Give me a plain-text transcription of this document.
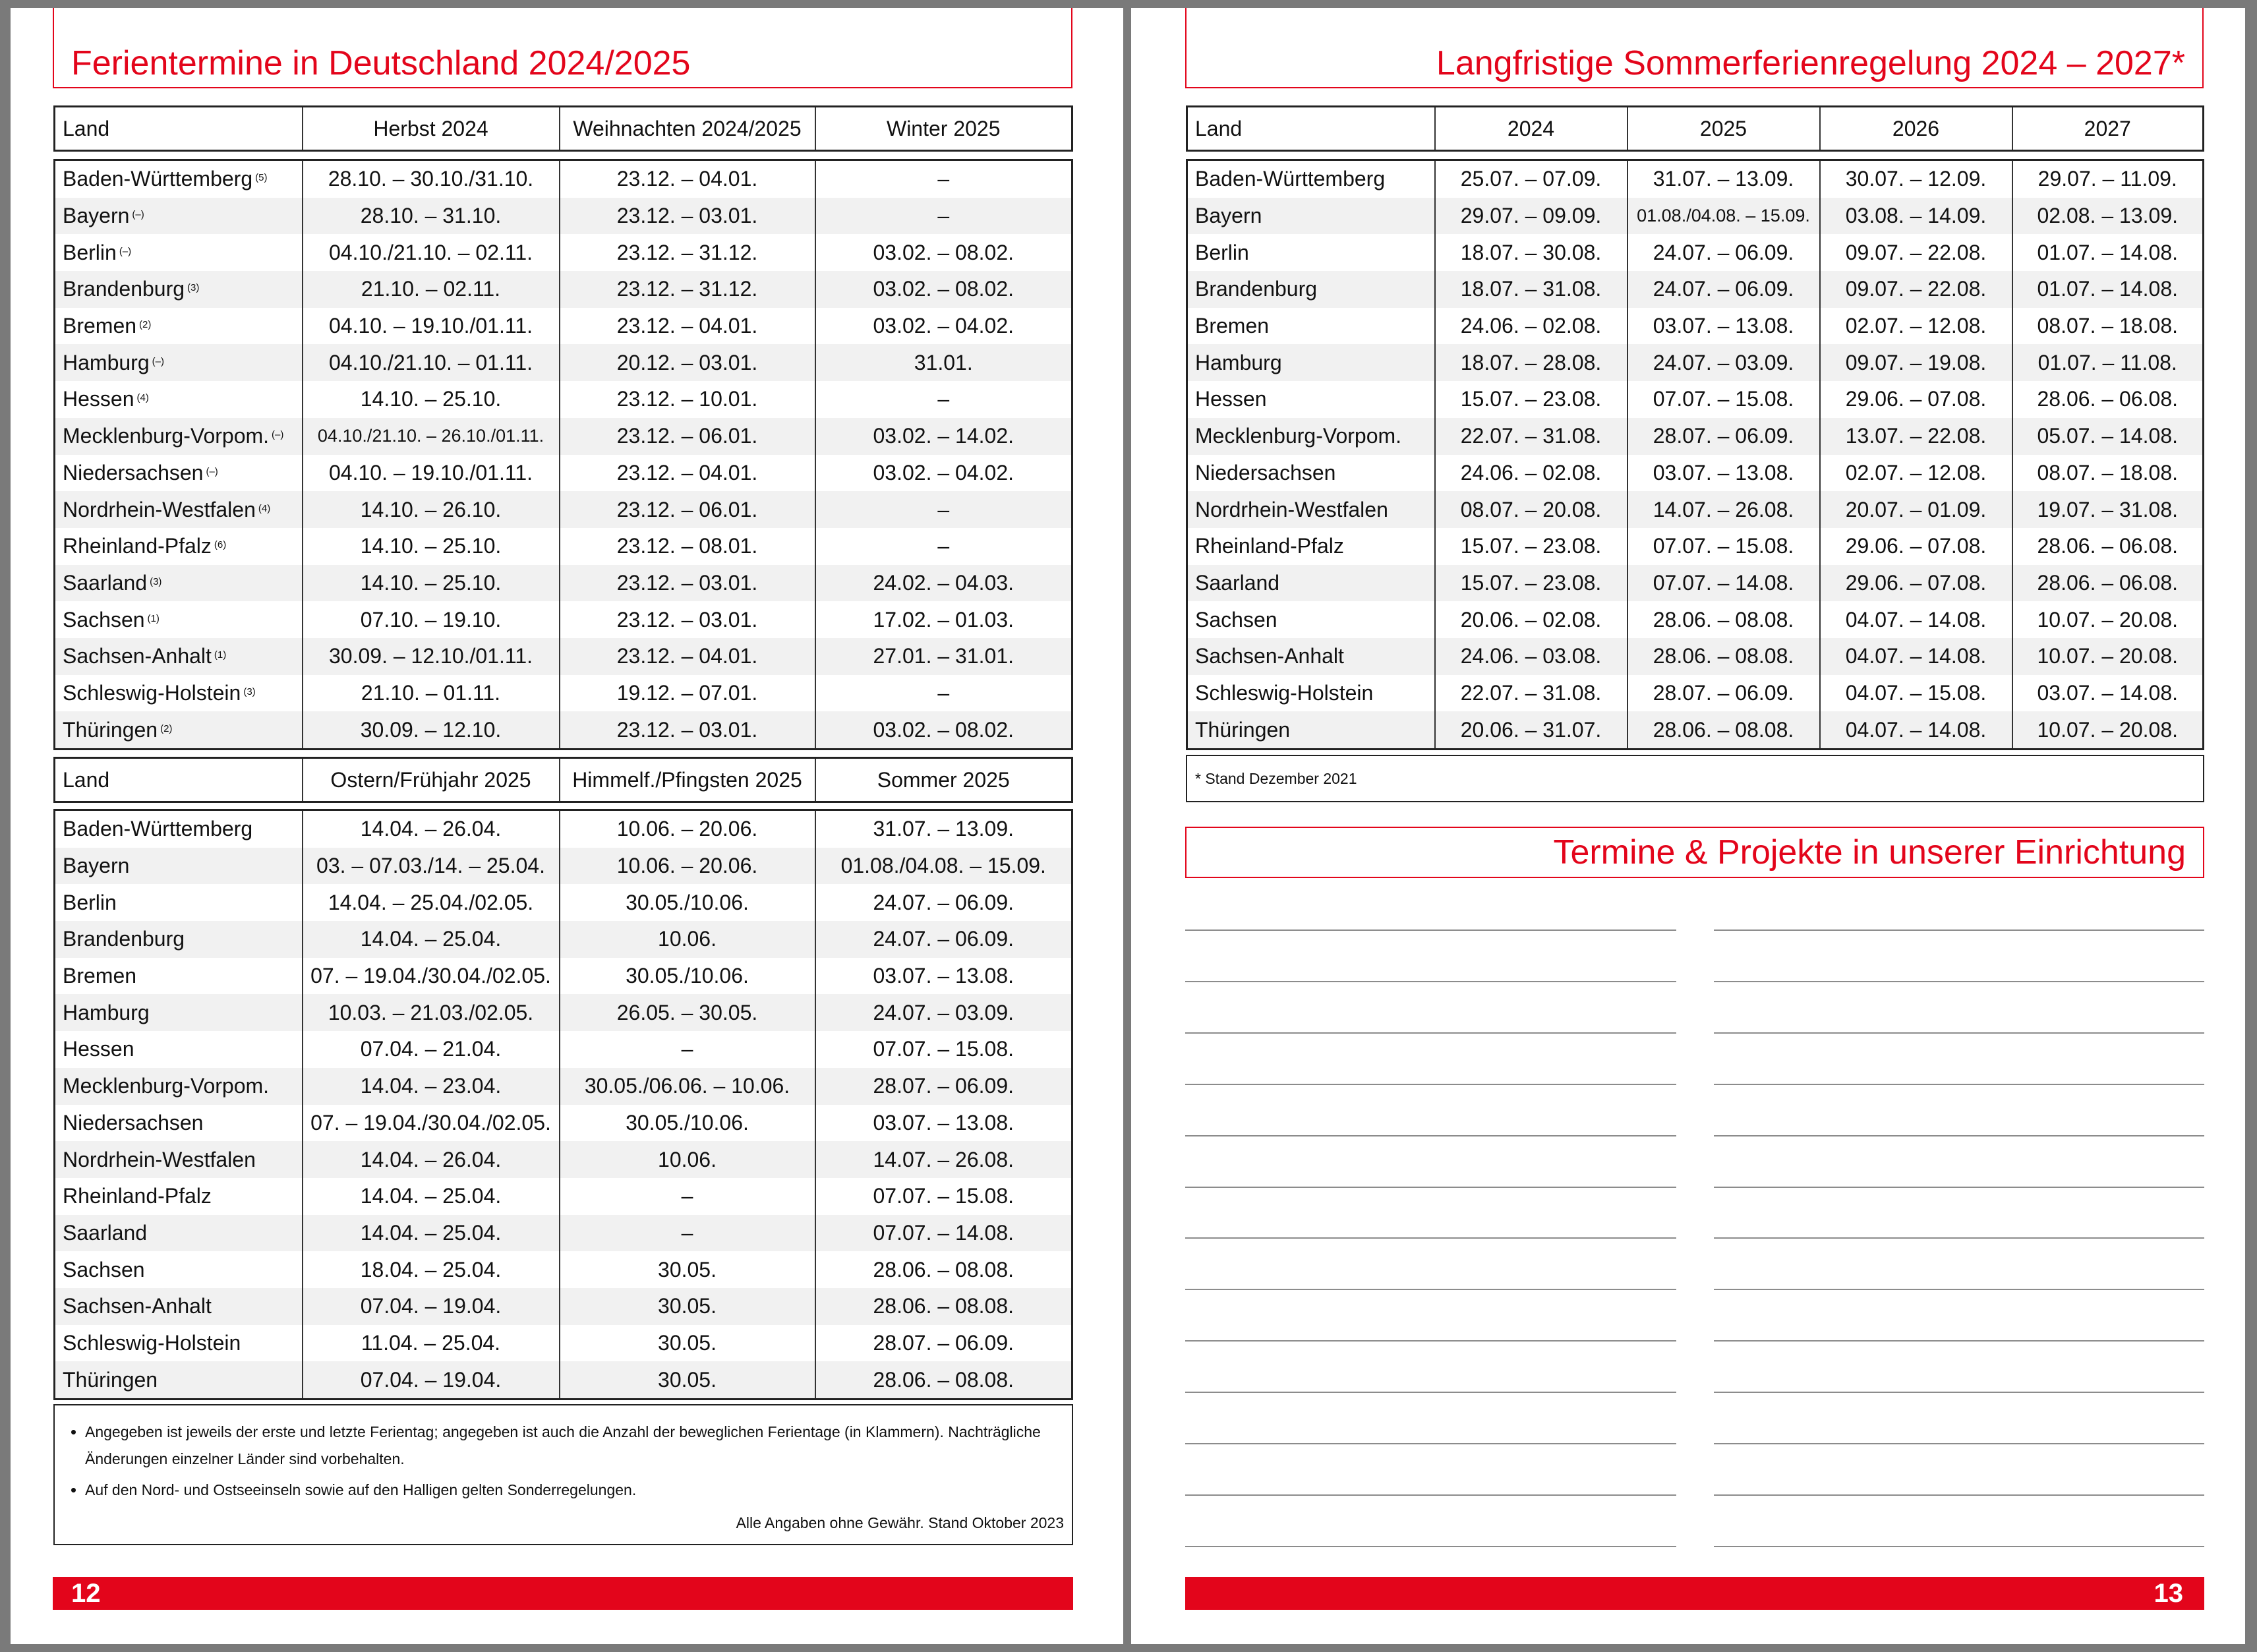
Ferientermine in Deutschland 2024/2025
Land	Herbst 2024	Weihnachten 2024/2025	Winter 2025
Baden-Württemberg $^{(5)}$	28.10. – 30.10./31.10.	23.12. – 04.01.	–
Bayern (–)	28.10. – 31.10.	23.12. – 03.01.	–
Berlin (–)	04.10./21.10. – 02.11.	23.12. – 31.12.	03.02. – 08.02.
Brandenburg $^{(3)}$	21.10. – 02.11.	23.12. – 31.12.	03.02. – 08.02.
Bremen $^{(2)}$	04.10. – 19.10./01.11.	23.12. – 04.01.	03.02. – 04.02.
Hamburg (–)	04.10./21.10. – 01.11.	20.12. – 03.01.	31.01.
Hessen $^{(4)}$	14.10. – 25.10.	23.12. – 10.01.	–
Mecklenburg-Vorpom. (–)	04.10./21.10. – 26.10./01.11.	23.12. – 06.01.	03.02. – 14.02.
Niedersachsen (–)	04.10. – 19.10./01.11.	23.12. – 04.01.	03.02. – 04.02.
Nordrhein-Westfalen $^{(4)}$	14.10. – 26.10.	23.12. – 06.01.	–
Rheinland-Pfalz $^{(6)}$	14.10. – 25.10.	23.12. – 08.01.	–
Saarland $^{(3)}$	14.10. – 25.10.	23.12. – 03.01.	24.02. – 04.03.
Sachsen $^{(1)}$	07.10. – 19.10.	23.12. – 03.01.	17.02. – 01.03.
Sachsen-Anhalt $^{(1)}$	30.09. – 12.10./01.11.	23.12. – 04.01.	27.01. – 31.01.
Schleswig-Holstein $^{(3)}$	21.10. – 01.11.	19.12. – 07.01.	–
Thüringen $^{(2)}$	30.09. – 12.10.	23.12. – 03.01.	03.02. – 08.02.
Land	Ostern/Frühjahr 2025	Himmelf./Pfingsten 2025	Sommer 2025
Baden-Württemberg	14.04. – 26.04.	10.06. – 20.06.	31.07. – 13.09.
Bayern	03. – 07.03./14. – 25.04.	10.06. – 20.06.	01.08./04.08. – 15.09.
Berlin	14.04. – 25.04./02.05.	30.05./10.06.	24.07. – 06.09.
Brandenburg	14.04. – 25.04.	10.06.	24.07. – 06.09.
Bremen	07. – 19.04./30.04./02.05.	30.05./10.06.	03.07. – 13.08.
Hamburg	10.03. – 21.03./02.05.	26.05. – 30.05.	24.07. – 03.09.
Hessen	07.04. – 21.04.	–	07.07. – 15.08.
Mecklenburg-Vorpom.	14.04. – 23.04.	30.05./06.06. – 10.06.	28.07. – 06.09.
Niedersachsen	07. – 19.04./30.04./02.05.	30.05./10.06.	03.07. – 13.08.
Nordrhein-Westfalen	14.04. – 26.04.	10.06.	14.07. – 26.08.
Rheinland-Pfalz	14.04. – 25.04.	–	07.07. – 15.08.
Saarland	14.04. – 25.04.	–	07.07. – 14.08.
Sachsen	18.04. – 25.04.	30.05.	28.06. – 08.08.
Sachsen-Anhalt	07.04. – 19.04.	30.05.	28.06. – 08.08.
Schleswig-Holstein	11.04. – 25.04.	30.05.	28.07. – 06.09.
Thüringen	07.04. – 19.04.	30.05.	28.06. – 08.08.
• Angegeben ist jeweils der erste und letzte Ferientag; angegeben ist auch die Anzahl der beweglichen Ferientage (in Klammern). Nachträgliche Änderungen einzelner Länder sind vorbehalten.
• Auf den Nord- und Ostseeinseln sowie auf den Halligen gelten Sonderregelungen.
Alle Angaben ohne Gewähr. Stand Oktober 2023
12
Langfristige Sommerferienregelung 2024 – 2027*
Land	2024	2025	2026	2027
Baden-Württemberg	25.07. – 07.09.	31.07. – 13.09.	30.07. – 12.09.	29.07. – 11.09.
Bayern	29.07. – 09.09.	01.08./04.08. – 15.09.	03.08. – 14.09.	02.08. – 13.09.
Berlin	18.07. – 30.08.	24.07. – 06.09.	09.07. – 22.08.	01.07. – 14.08.
Brandenburg	18.07. – 31.08.	24.07. – 06.09.	09.07. – 22.08.	01.07. – 14.08.
Bremen	24.06. – 02.08.	03.07. – 13.08.	02.07. – 12.08.	08.07. – 18.08.
Hamburg	18.07. – 28.08.	24.07. – 03.09.	09.07. – 19.08.	01.07. – 11.08.
Hessen	15.07. – 23.08.	07.07. – 15.08.	29.06. – 07.08.	28.06. – 06.08.
Mecklenburg-Vorpom.	22.07. – 31.08.	28.07. – 06.09.	13.07. – 22.08.	05.07. – 14.08.
Niedersachsen	24.06. – 02.08.	03.07. – 13.08.	02.07. – 12.08.	08.07. – 18.08.
Nordrhein-Westfalen	08.07. – 20.08.	14.07. – 26.08.	20.07. – 01.09.	19.07. – 31.08.
Rheinland-Pfalz	15.07. – 23.08.	07.07. – 15.08.	29.06. – 07.08.	28.06. – 06.08.
Saarland	15.07. – 23.08.	07.07. – 14.08.	29.06. – 07.08.	28.06. – 06.08.
Sachsen	20.06. – 02.08.	28.06. – 08.08.	04.07. – 14.08.	10.07. – 20.08.
Sachsen-Anhalt	24.06. – 03.08.	28.06. – 08.08.	04.07. – 14.08.	10.07. – 20.08.
Schleswig-Holstein	22.07. – 31.08.	28.07. – 06.09.	04.07. – 15.08.	03.07. – 14.08.
Thüringen	20.06. – 31.07.	28.06. – 08.08.	04.07. – 14.08.	10.07. – 20.08.
* Stand Dezember 2021
Termine & Projekte in unserer Einrichtung
13
